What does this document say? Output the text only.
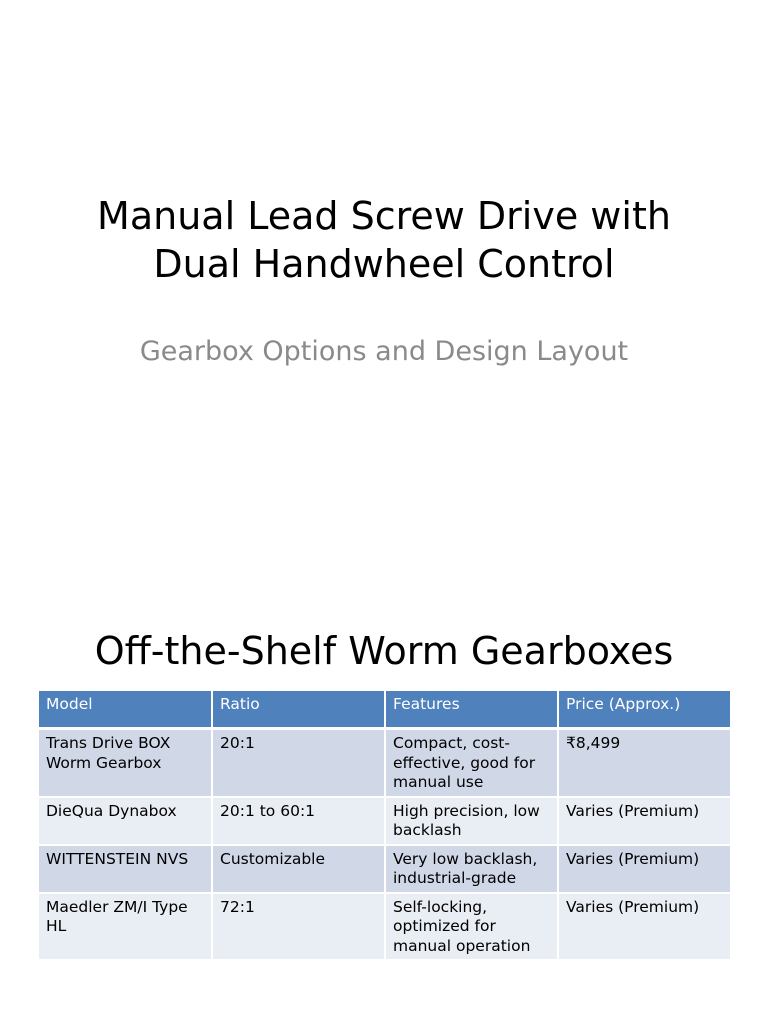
Manual Lead Screw Drive with
Dual Handwheel Control
Gearbox Options and Design Layout
Off-the-Shelf Worm Gearboxes
Model	Ratio	Features	Price (Approx.)
Trans Drive BOX Worm Gearbox	20:1	Compact, cost-effective, good for manual use	₹8,499
DieQua Dynabox	20:1 to 60:1	High precision, low backlash	Varies (Premium)
WITTENSTEIN NVS	Customizable	Very low backlash, industrial-grade	Varies (Premium)
Maedler ZM/I Type HL	72:1	Self-locking, optimized for manual operation	Varies (Premium)
